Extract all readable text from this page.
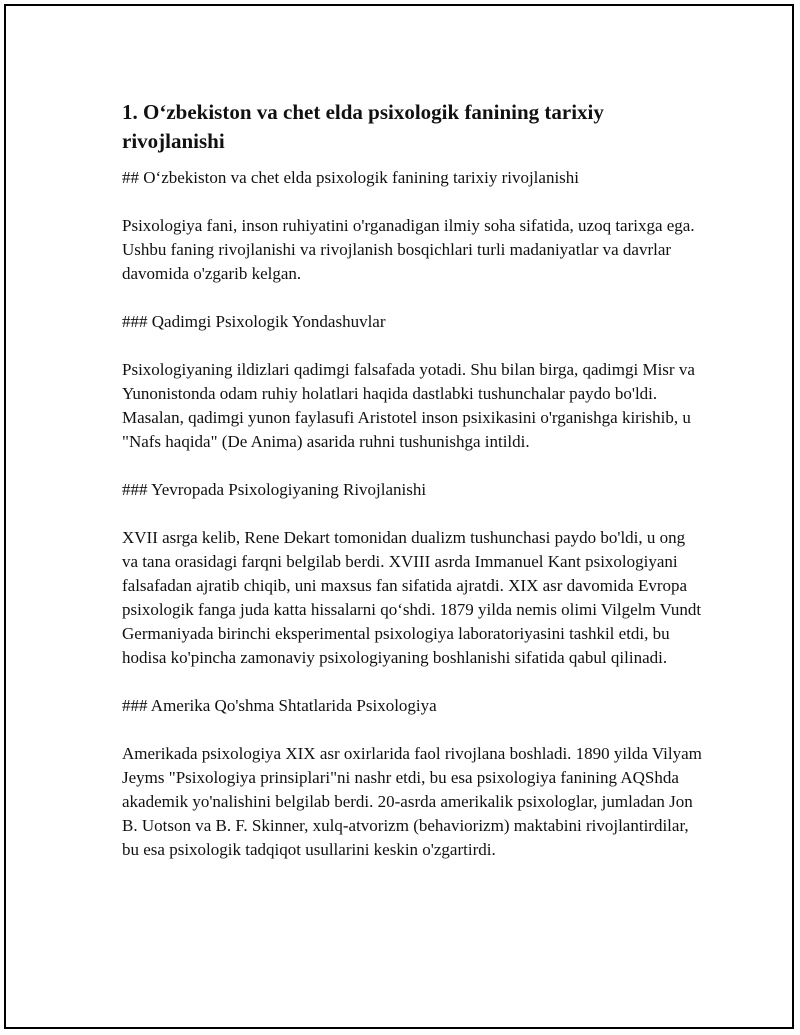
1. O‘zbekiston va chet elda psixologik fanining tarixiy rivojlanishi

## O‘zbekiston va chet elda psixologik fanining tarixiy rivojlanishi

Psixologiya fani, inson ruhiyatini o'rganadigan ilmiy soha sifatida, uzoq tarixga ega. Ushbu faning rivojlanishi va rivojlanish bosqichlari turli madaniyatlar va davrlar davomida o'zgarib kelgan.

### Qadimgi Psixologik Yondashuvlar

Psixologiyaning ildizlari qadimgi falsafada yotadi. Shu bilan birga, qadimgi Misr va Yunonistonda odam ruhiy holatlari haqida dastlabki tushunchalar paydo bo'ldi. Masalan, qadimgi yunon faylasufi Aristotel inson psixikasini o'rganishga kirishib, u "Nafs haqida" (De Anima) asarida ruhni tushunishga intildi.

### Yevropada Psixologiyaning Rivojlanishi

XVII asrga kelib, Rene Dekart tomonidan dualizm tushunchasi paydo bo'ldi, u ong va tana orasidagi farqni belgilab berdi. XVIII asrda Immanuel Kant psixologiyani falsafadan ajratib chiqib, uni maxsus fan sifatida ajratdi. XIX asr davomida Evropa psixologik fanga juda katta hissalarni qo‘shdi. 1879 yilda nemis olimi Vilgelm Vundt Germaniyada birinchi eksperimental psixologiya laboratoriyasini tashkil etdi, bu hodisa ko'pincha zamonaviy psixologiyaning boshlanishi sifatida qabul qilinadi.

### Amerika Qo'shma Shtatlarida Psixologiya

Amerikada psixologiya XIX asr oxirlarida faol rivojlana boshladi. 1890 yilda Vilyam Jeyms "Psixologiya prinsiplari"ni nashr etdi, bu esa psixologiya fanining AQShda akademik yo'nalishini belgilab berdi. 20-asrda amerikalik psixologlar, jumladan Jon B. Uotson va B. F. Skinner, xulq-atvorizm (behaviorizm) maktabini rivojlantirdilar, bu esa psixologik tadqiqot usullarini keskin o'zgartirdi.
